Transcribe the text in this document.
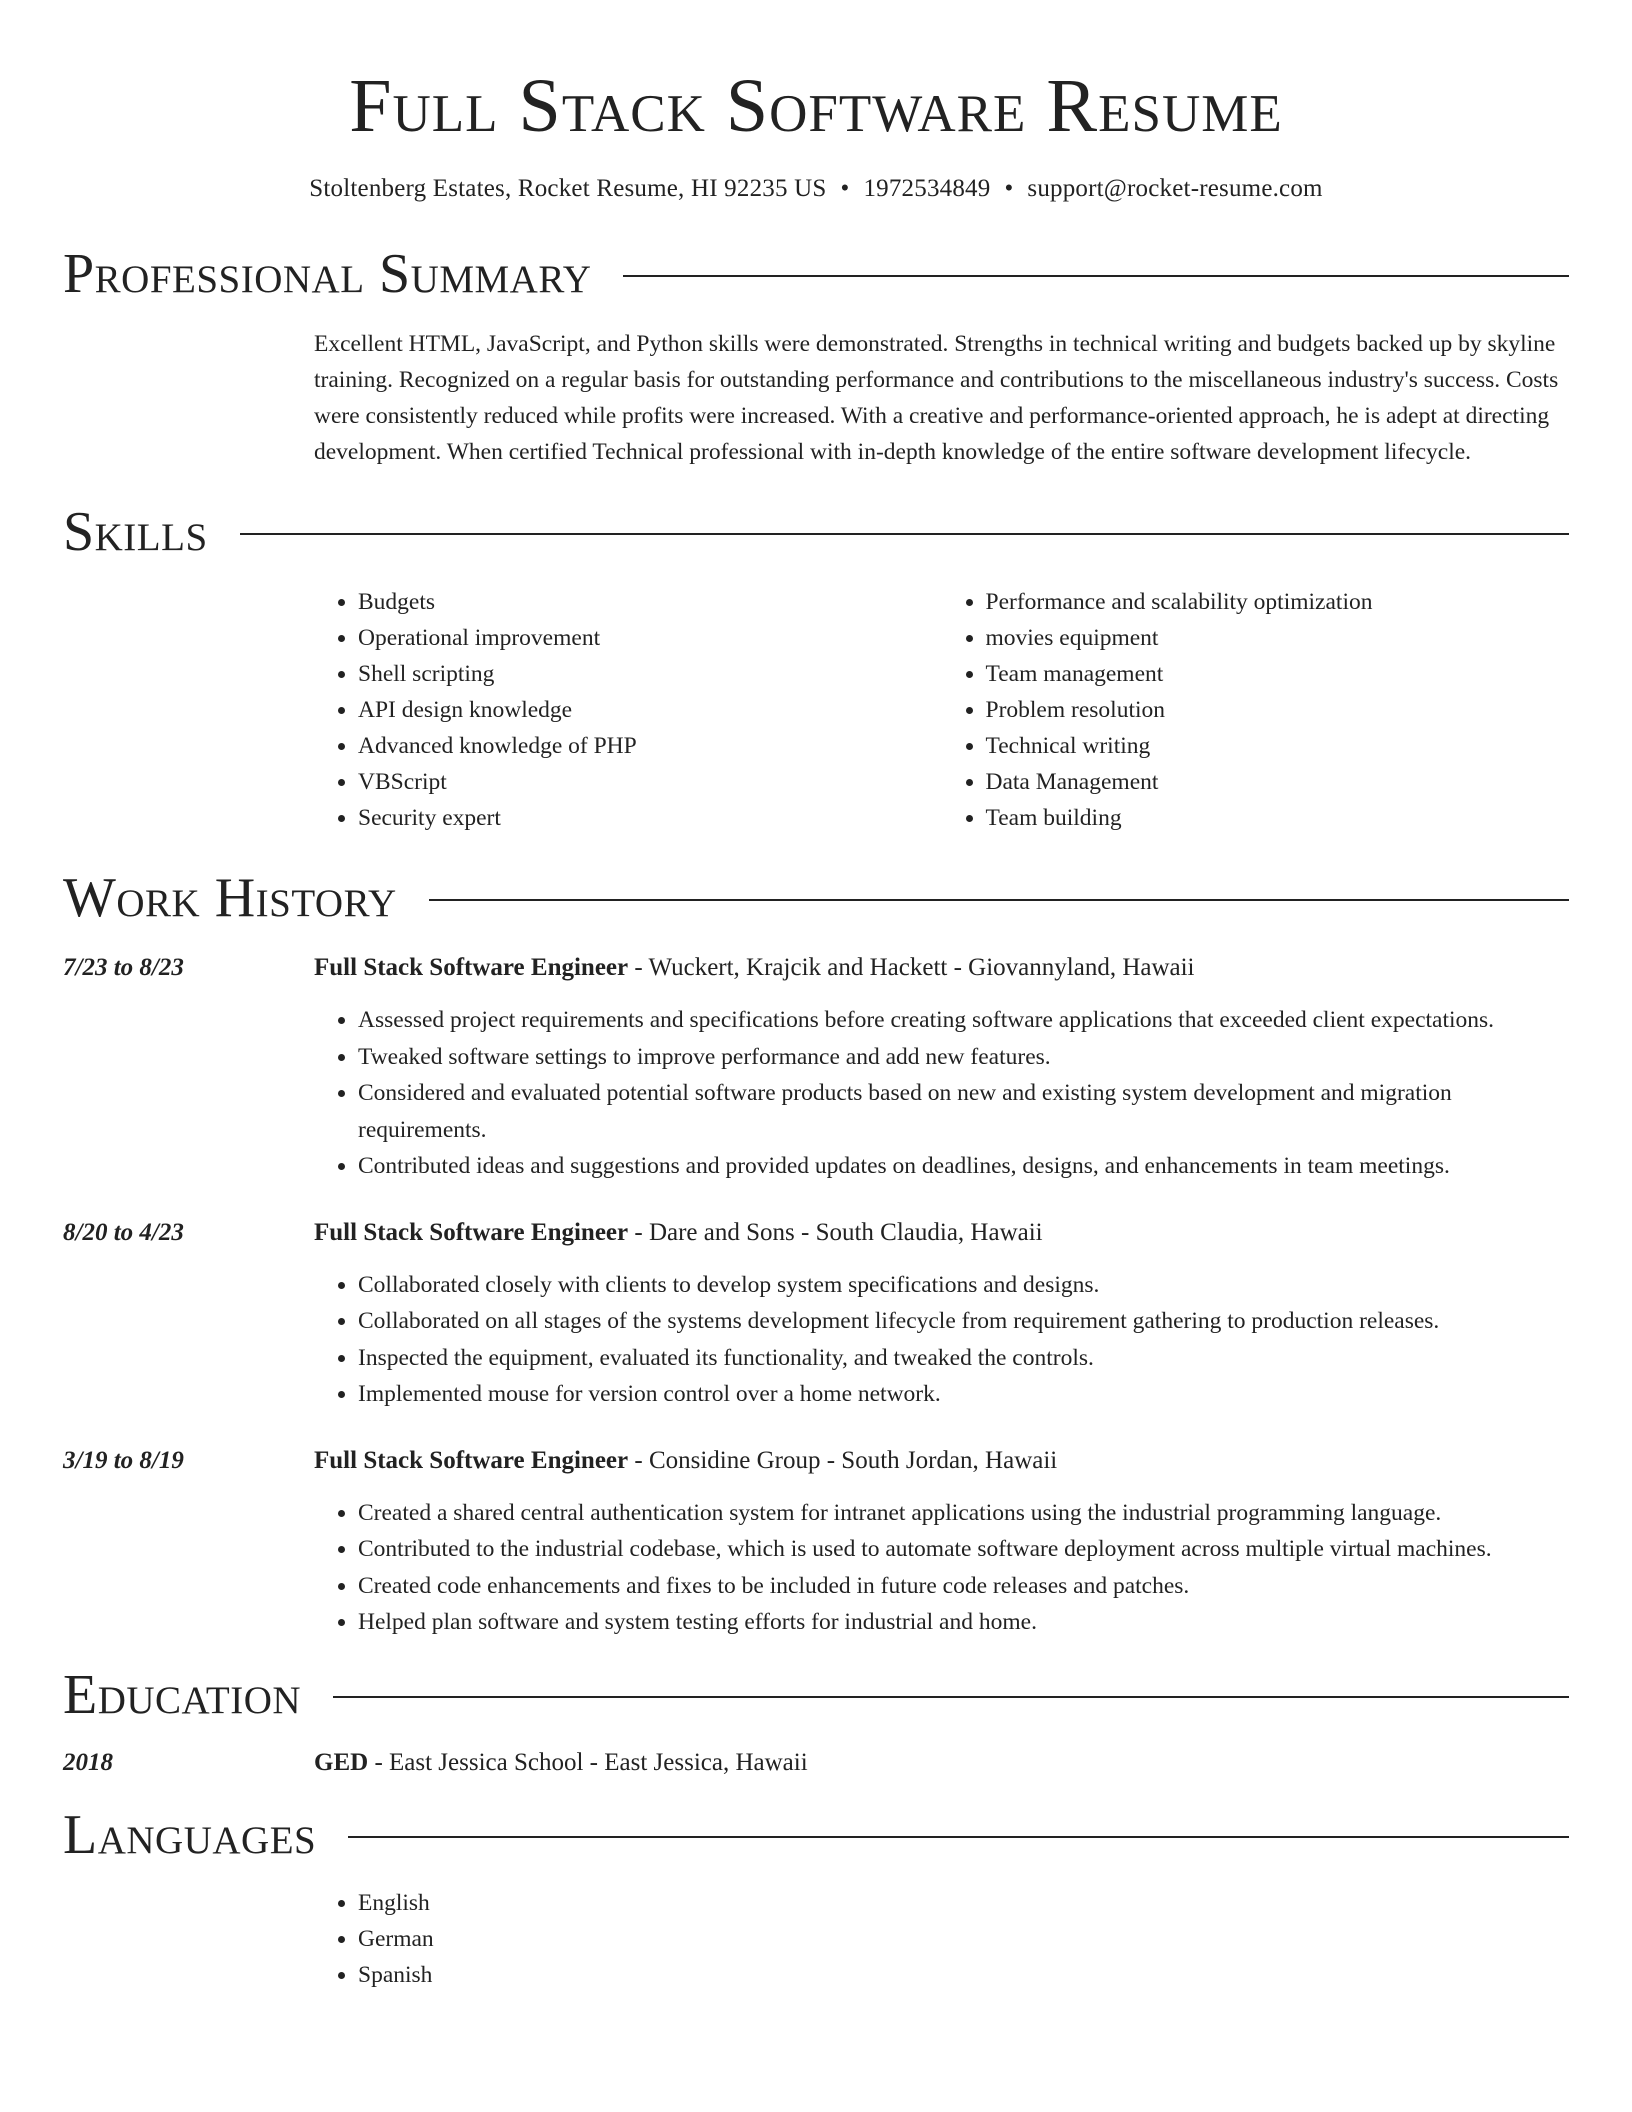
Full Stack Software Resume
Stoltenberg Estates, Rocket Resume, HI 92235 US • 1972534849 • support@rocket-resume.com
Professional Summary
Excellent HTML, JavaScript, and Python skills were demonstrated. Strengths in technical writing and budgets backed up by skyline training. Recognized on a regular basis for outstanding performance and contributions to the miscellaneous industry's success. Costs were consistently reduced while profits were increased. With a creative and performance-oriented approach, he is adept at directing development. When certified Technical professional with in-depth knowledge of the entire software development lifecycle.
Skills
• Budgets
• Operational improvement
• Shell scripting
• API design knowledge
• Advanced knowledge of PHP
• VBScript
• Security expert
• Performance and scalability optimization
• movies equipment
• Team management
• Problem resolution
• Technical writing
• Data Management
• Team building
Work History
7/23 to 8/23	Full Stack Software Engineer - Wuckert, Krajcik and Hackett - Giovannyland, Hawaii
• Assessed project requirements and specifications before creating software applications that exceeded client expectations.
• Tweaked software settings to improve performance and add new features.
• Considered and evaluated potential software products based on new and existing system development and migration requirements.
• Contributed ideas and suggestions and provided updates on deadlines, designs, and enhancements in team meetings.
8/20 to 4/23	Full Stack Software Engineer - Dare and Sons - South Claudia, Hawaii
• Collaborated closely with clients to develop system specifications and designs.
• Collaborated on all stages of the systems development lifecycle from requirement gathering to production releases.
• Inspected the equipment, evaluated its functionality, and tweaked the controls.
• Implemented mouse for version control over a home network.
3/19 to 8/19	Full Stack Software Engineer - Considine Group - South Jordan, Hawaii
• Created a shared central authentication system for intranet applications using the industrial programming language.
• Contributed to the industrial codebase, which is used to automate software deployment across multiple virtual machines.
• Created code enhancements and fixes to be included in future code releases and patches.
• Helped plan software and system testing efforts for industrial and home.
Education
2018	GED - East Jessica School - East Jessica, Hawaii
Languages
• English
• German
• Spanish
